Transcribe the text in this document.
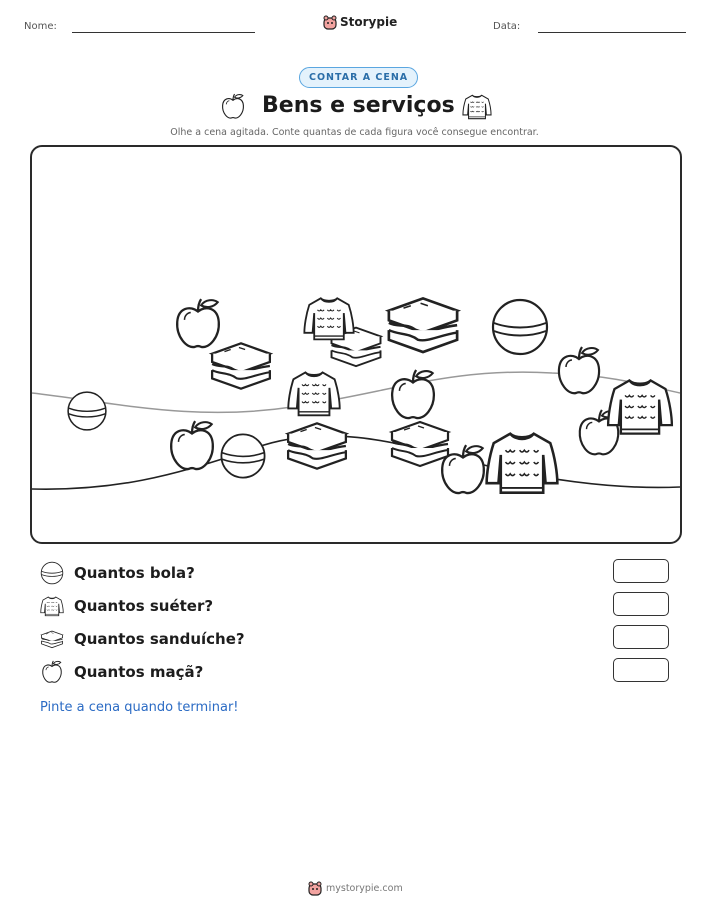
Nome:	Storypie	Data:
CONTAR A CENA
Bens e serviços
Olhe a cena agitada. Conte quantas de cada figura você consegue encontrar.
Quantos bola?
Quantos suéter?
Quantos sanduíche?
Quantos maçã?
Pinte a cena quando terminar!
mystorypie.com
